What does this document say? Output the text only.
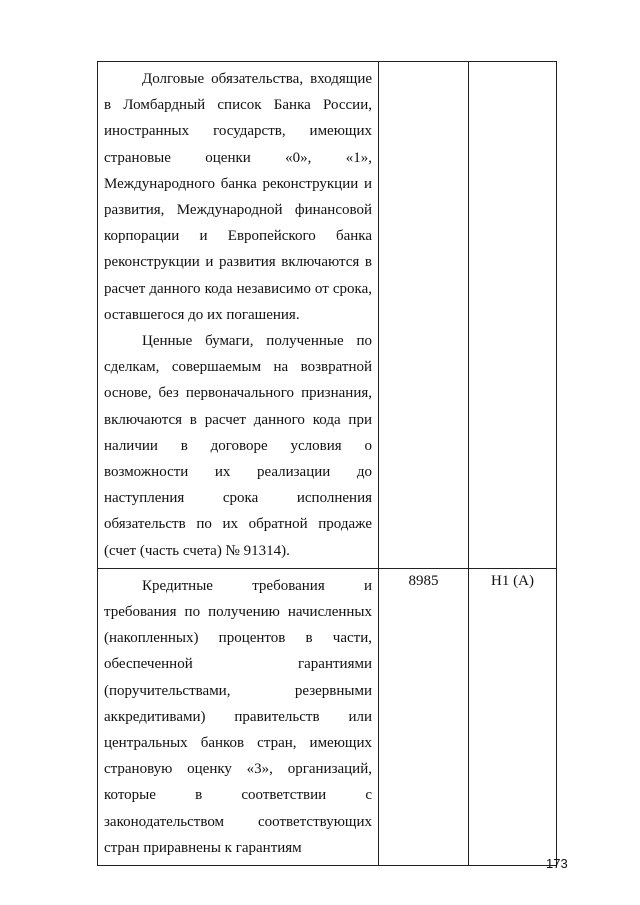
Долговые обязательства, входящие в Ломбардный список Банка России, иностранных государств, имеющих страновые оценки «0», «1», Международного банка реконструкции и развития, Международной финансовой корпорации и Европейского банка реконструкции и развития включаются в расчет данного кода независимо от срока, оставшегося до их погашения.

Ценные бумаги, полученные по сделкам, совершаемым на возвратной основе, без первоначального признания, включаются в расчет данного кода при наличии в договоре условия о возможности их реализации до наступления срока исполнения обязательств по их обратной продаже (счет (часть счета) № 91314).		

Кредитные требования и требования по получению начисленных (накопленных) процентов в части, обеспеченной гарантиями (поручительствами, резервными аккредитивами) правительств или центральных банков стран, имеющих страновую оценку «3», организаций, которые в соответствии с законодательством соответствующих стран приравнены к гарантиям	8985	Н1 (А)
173
